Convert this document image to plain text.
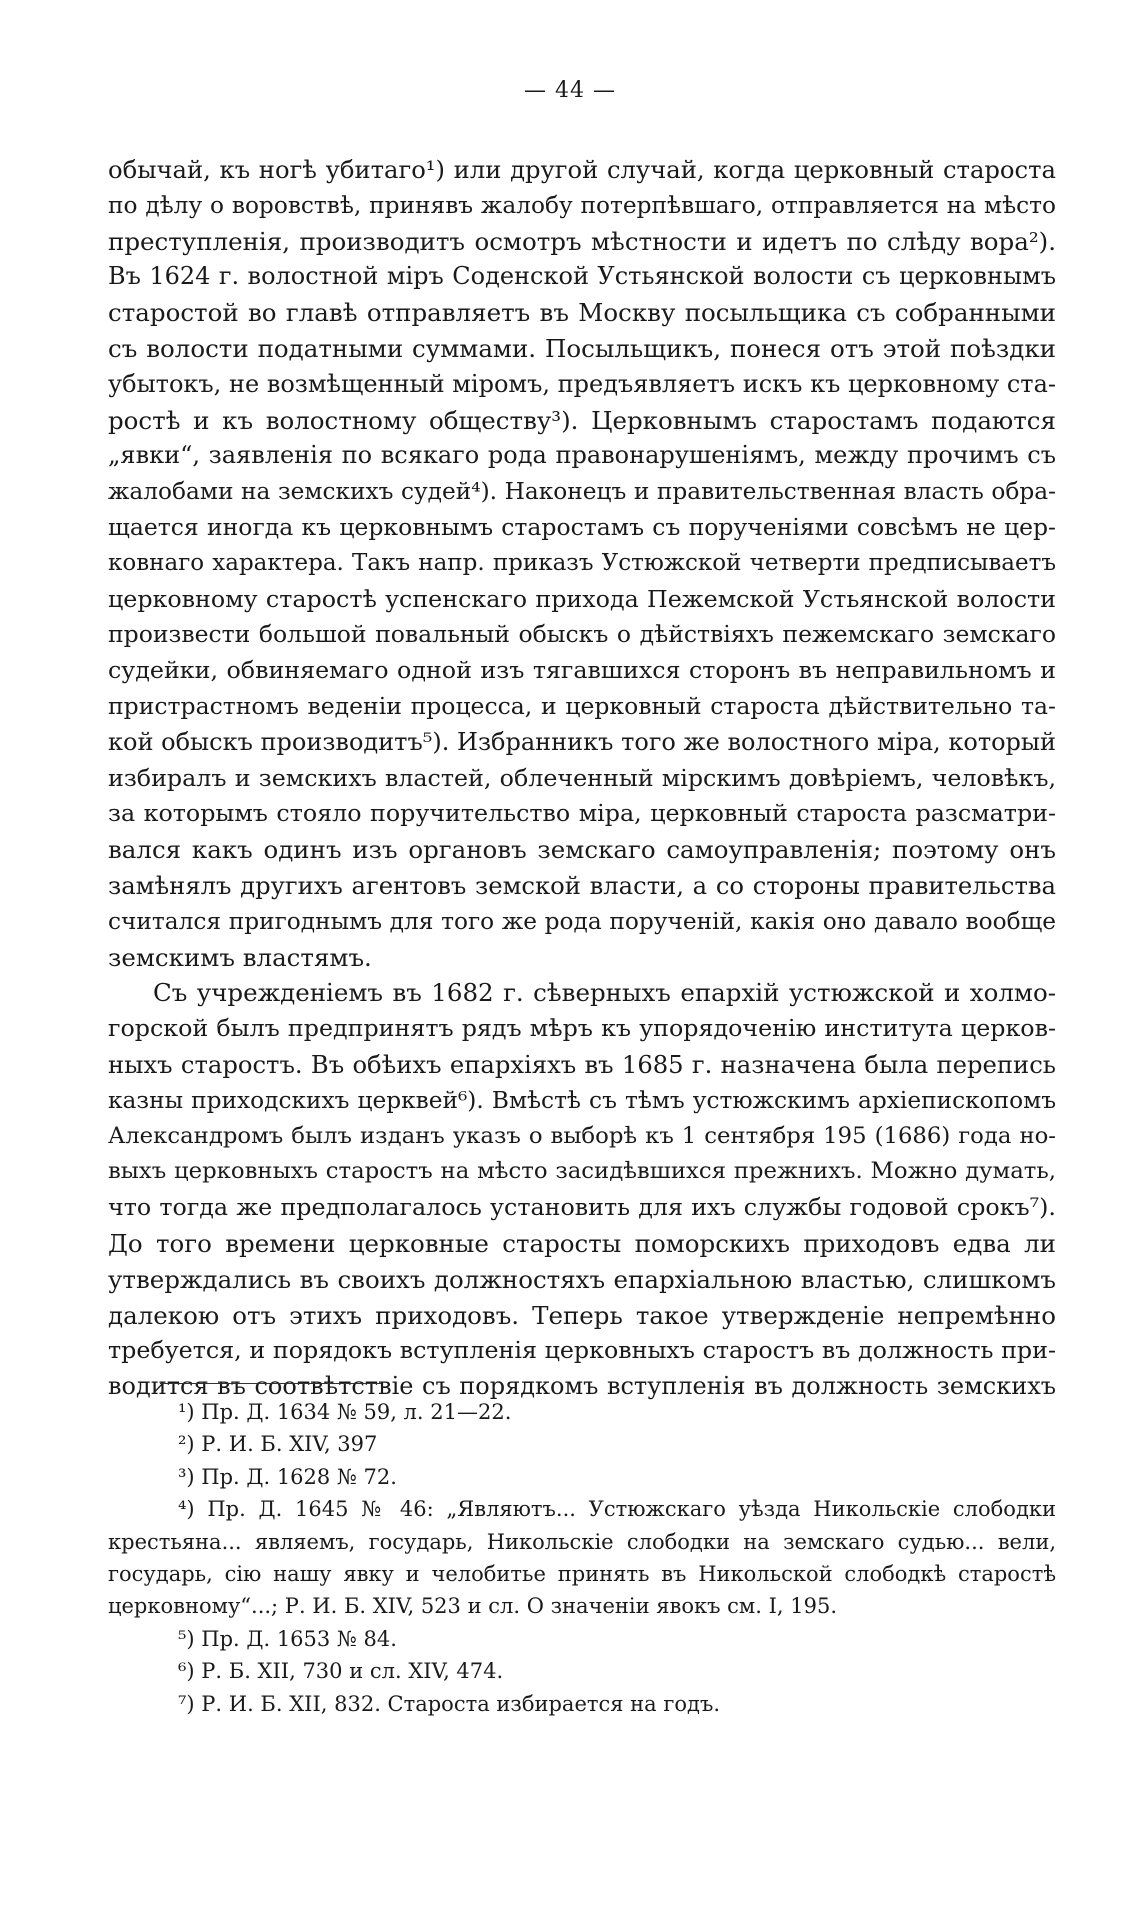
— 44 —
обычай, къ ногѣ убитаго¹) или другой случай, когда церковный староста
по дѣлу о воровствѣ, принявъ жалобу потерпѣвшаго, отправляется на мѣсто
преступленія, производитъ осмотръ мѣстности и идетъ по слѣду вора²).
Въ 1624 г. волостной міръ Соденской Устьянской волости съ церковнымъ
старостой во главѣ отправляетъ въ Москву посыльщика съ собранными
съ волости податными суммами. Посыльщикъ, понеся отъ этой поѣздки
убытокъ, не возмѣщенный міромъ, предъявляетъ искъ къ церковному ста-
ростѣ и къ волостному обществу³). Церковнымъ старостамъ подаются
„явки“, заявленія по всякаго рода правонарушеніямъ, между прочимъ съ
жалобами на земскихъ судей⁴). Наконецъ и правительственная власть обра-
щается иногда къ церковнымъ старостамъ съ порученіями совсѣмъ не цер-
ковнаго характера. Такъ напр. приказъ Устюжской четверти предписываетъ
церковному старостѣ успенскаго прихода Пежемской Устьянской волости
произвести большой повальный обыскъ о дѣйствіяхъ пежемскаго земскаго
судейки, обвиняемаго одной изъ тягавшихся сторонъ въ неправильномъ и
пристрастномъ веденіи процесса, и церковный староста дѣйствительно та-
кой обыскъ производитъ⁵). Избранникъ того же волостного міра, который
избиралъ и земскихъ властей, облеченный мірскимъ довѣріемъ, человѣкъ,
за которымъ стояло поручительство міра, церковный староста разсматри-
вался какъ одинъ изъ органовъ земскаго самоуправленія; поэтому онъ
замѣнялъ другихъ агентовъ земской власти, а со стороны правительства
считался пригоднымъ для того же рода порученій, какія оно давало вообще
земскимъ властямъ.
Съ учрежденіемъ въ 1682 г. сѣверныхъ епархій устюжской и холмо-
горской былъ предпринятъ рядъ мѣръ къ упорядоченію института церков-
ныхъ старостъ. Въ обѣихъ епархіяхъ въ 1685 г. назначена была перепись
казны приходскихъ церквей⁶). Вмѣстѣ съ тѣмъ устюжскимъ архіепископомъ
Александромъ былъ изданъ указъ о выборѣ къ 1 сентября 195 (1686) года но-
выхъ церковныхъ старостъ на мѣсто засидѣвшихся прежнихъ. Можно думать,
что тогда же предполагалось установить для ихъ службы годовой срокъ⁷).
До того времени церковные старосты поморскихъ приходовъ едва ли
утверждались въ своихъ должностяхъ епархіальною властью, слишкомъ
далекою отъ этихъ приходовъ. Теперь такое утвержденіе непремѣнно
требуется, и порядокъ вступленія церковныхъ старостъ въ должность при-
водится въ соотвѣтствіе съ порядкомъ вступленія въ должность земскихъ
¹) Пр. Д. 1634 № 59, л. 21—22.
²) Р. И. Б. XIV, 397
³) Пр. Д. 1628 № 72.
⁴) Пр. Д. 1645 № 46: „Являютъ... Устюжскаго уѣзда Никольскіе слободки
крестьяна... являемъ, государь, Никольскіе слободки на земскаго судью... вели,
государь, сію нашу явку и челобитье принять въ Никольской слободкѣ старостѣ
церковному“...; Р. И. Б. XIV, 523 и сл. О значеніи явокъ см. I, 195.
⁵) Пр. Д. 1653 № 84.
⁶) Р. Б. XII, 730 и сл. XIV, 474.
⁷) Р. И. Б. XII, 832. Староста избирается на годъ.
